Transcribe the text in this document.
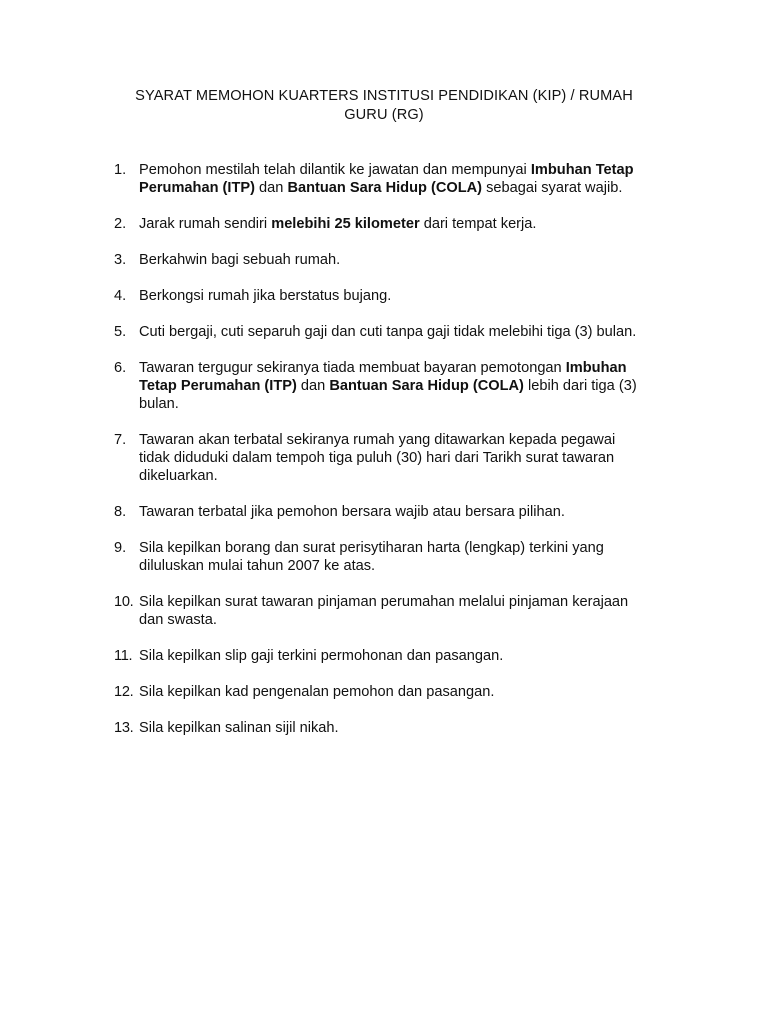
SYARAT MEMOHON KUARTERS INSTITUSI PENDIDIKAN (KIP) / RUMAH
GURU (RG)
1. Pemohon mestilah telah dilantik ke jawatan dan mempunyai Imbuhan Tetap
Perumahan (ITP) dan Bantuan Sara Hidup (COLA) sebagai syarat wajib.
2. Jarak rumah sendiri melebihi 25 kilometer dari tempat kerja.
3. Berkahwin bagi sebuah rumah.
4. Berkongsi rumah jika berstatus bujang.
5. Cuti bergaji, cuti separuh gaji dan cuti tanpa gaji tidak melebihi tiga (3) bulan.
6. Tawaran tergugur sekiranya tiada membuat bayaran pemotongan Imbuhan
Tetap Perumahan (ITP) dan Bantuan Sara Hidup (COLA) lebih dari tiga (3)
bulan.
7. Tawaran akan terbatal sekiranya rumah yang ditawarkan kepada pegawai
tidak diduduki dalam tempoh tiga puluh (30) hari dari Tarikh surat tawaran
dikeluarkan.
8. Tawaran terbatal jika pemohon bersara wajib atau bersara pilihan.
9. Sila kepilkan borang dan surat perisytiharan harta (lengkap) terkini yang
diluluskan mulai tahun 2007 ke atas.
10. Sila kepilkan surat tawaran pinjaman perumahan melalui pinjaman kerajaan
dan swasta.
11. Sila kepilkan slip gaji terkini permohonan dan pasangan.
12. Sila kepilkan kad pengenalan pemohon dan pasangan.
13. Sila kepilkan salinan sijil nikah.
